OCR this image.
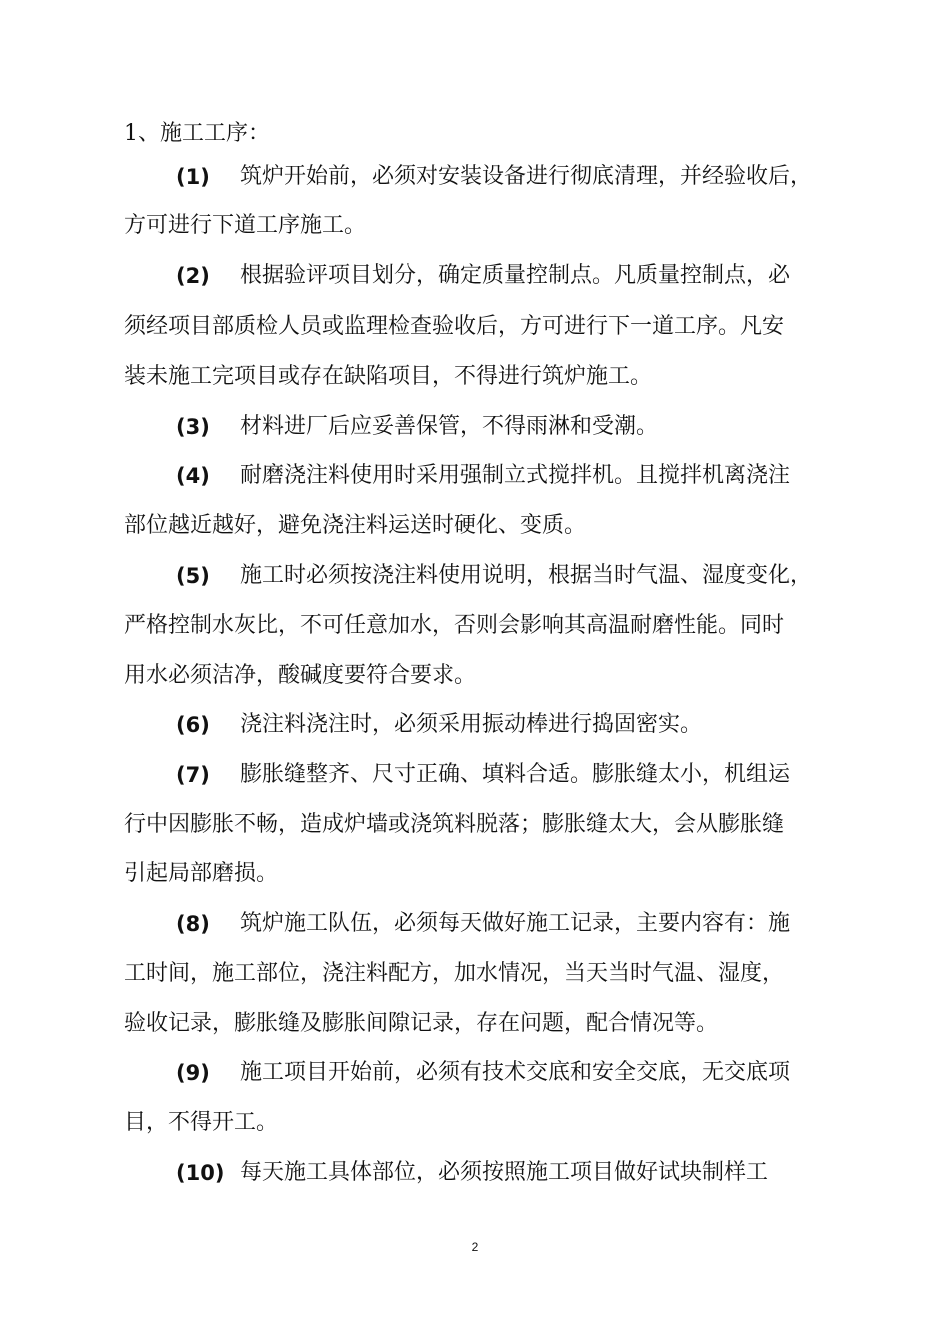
1、施工工序：
(1) 筑炉开始前，必须对安装设备进行彻底清理，并经验收后，
方可进行下道工序施工。
(2) 根据验评项目划分，确定质量控制点。凡质量控制点，必
须经项目部质检人员或监理检查验收后，方可进行下一道工序。凡安
装未施工完项目或存在缺陷项目，不得进行筑炉施工。
(3) 材料进厂后应妥善保管，不得雨淋和受潮。
(4) 耐磨浇注料使用时采用强制立式搅拌机。且搅拌机离浇注
部位越近越好，避免浇注料运送时硬化、变质。
(5) 施工时必须按浇注料使用说明，根据当时气温、湿度变化，
严格控制水灰比，不可任意加水，否则会影响其高温耐磨性能。同时
用水必须洁净，酸碱度要符合要求。
(6) 浇注料浇注时，必须采用振动棒进行捣固密实。
(7) 膨胀缝整齐、尺寸正确、填料合适。膨胀缝太小，机组运
行中因膨胀不畅，造成炉墙或浇筑料脱落；膨胀缝太大，会从膨胀缝
引起局部磨损。
(8) 筑炉施工队伍，必须每天做好施工记录，主要内容有：施
工时间，施工部位，浇注料配方，加水情况，当天当时气温、湿度，
验收记录，膨胀缝及膨胀间隙记录，存在问题，配合情况等。
(9) 施工项目开始前，必须有技术交底和安全交底，无交底项
目，不得开工。
(10) 每天施工具体部位，必须按照施工项目做好试块制样工
2
